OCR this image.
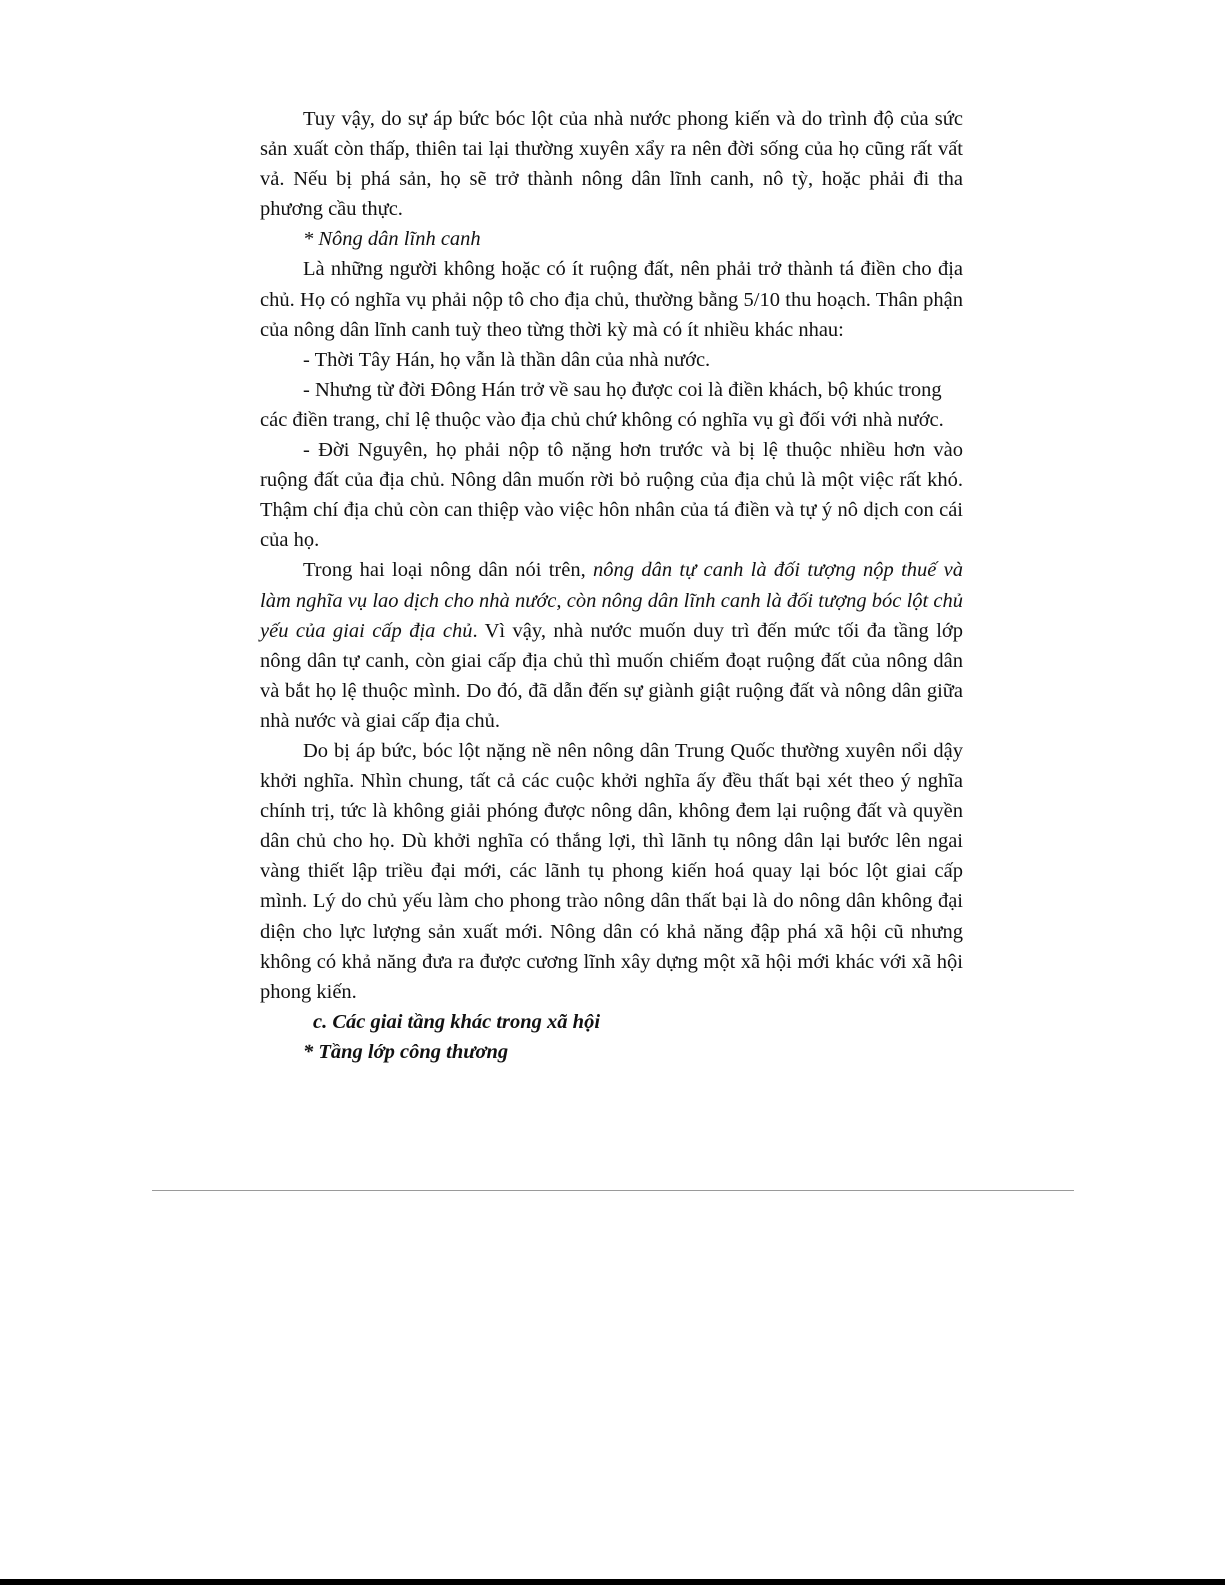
Tuy vậy, do sự áp bức bóc lột của nhà nước phong kiến và do trình độ của sức sản xuất còn thấp, thiên tai lại thường xuyên xẩy ra nên đời sống của họ cũng rất vất vả. Nếu bị phá sản, họ sẽ trở thành nông dân lĩnh canh, nô tỳ, hoặc phải đi tha phương cầu thực.

* Nông dân lĩnh canh

Là những người không hoặc có ít ruộng đất, nên phải trở thành tá điền cho địa chủ. Họ có nghĩa vụ phải nộp tô cho địa chủ, thường bằng 5/10 thu hoạch. Thân phận của nông dân lĩnh canh tuỳ theo từng thời kỳ mà có ít nhiều khác nhau:

- Thời Tây Hán, họ vẫn là thần dân của nhà nước.

- Nhưng từ đời Đông Hán trở về sau họ được coi là điền khách, bộ khúc trong các điền trang, chỉ lệ thuộc vào địa chủ chứ không có nghĩa vụ gì đối với nhà nước.

- Đời Nguyên, họ phải nộp tô nặng hơn trước và bị lệ thuộc nhiều hơn vào ruộng đất của địa chủ. Nông dân muốn rời bỏ ruộng của địa chủ là một việc rất khó. Thậm chí địa chủ còn can thiệp vào việc hôn nhân của tá điền và tự ý nô dịch con cái của họ.

Trong hai loại nông dân nói trên, nông dân tự canh là đối tượng nộp thuế và làm nghĩa vụ lao dịch cho nhà nước, còn nông dân lĩnh canh là đối tượng bóc lột chủ yếu của giai cấp địa chủ. Vì vậy, nhà nước muốn duy trì đến mức tối đa tầng lớp nông dân tự canh, còn giai cấp địa chủ thì muốn chiếm đoạt ruộng đất của nông dân và bắt họ lệ thuộc mình. Do đó, đã dẫn đến sự giành giật ruộng đất và nông dân giữa nhà nước và giai cấp địa chủ.

Do bị áp bức, bóc lột nặng nề nên nông dân Trung Quốc thường xuyên nổi dậy khởi nghĩa. Nhìn chung, tất cả các cuộc khởi nghĩa ấy đều thất bại xét theo ý nghĩa chính trị, tức là không giải phóng được nông dân, không đem lại ruộng đất và quyền dân chủ cho họ. Dù khởi nghĩa có thắng lợi, thì lãnh tụ nông dân lại bước lên ngai vàng thiết lập triều đại mới, các lãnh tụ phong kiến hoá quay lại bóc lột giai cấp mình. Lý do chủ yếu làm cho phong trào nông dân thất bại là do nông dân không đại diện cho lực lượng sản xuất mới. Nông dân có khả năng đập phá xã hội cũ nhưng không có khả năng đưa ra được cương lĩnh xây dựng một xã hội mới khác với xã hội phong kiến.

c. Các giai tầng khác trong xã hội

* Tầng lớp công thương
